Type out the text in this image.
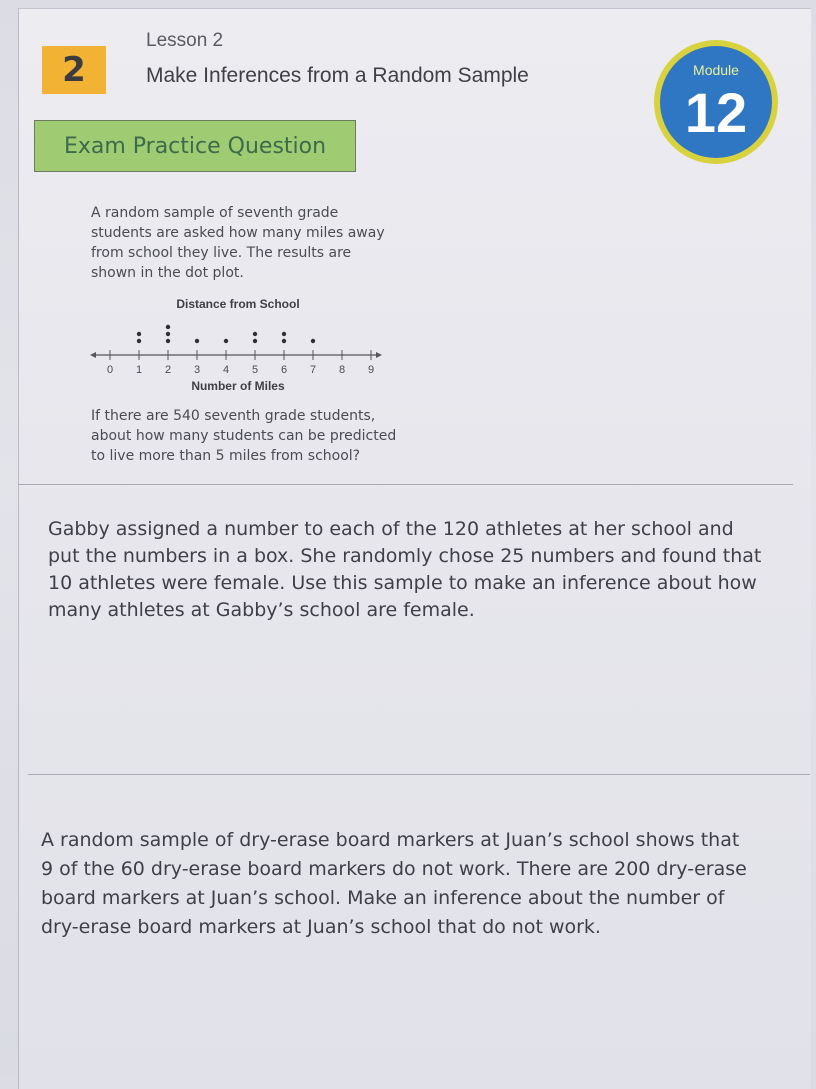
2
Lesson 2
Make Inferences from a Random Sample	Module
12
Exam Practice Question

A random sample of seventh grade

students are asked how many miles away

from school they live. The results are

shown in the dot plot.

Distance from School
0 1 2 3 4 5 6 7 8 9
Number of Miles

If there are 540 seventh grade students,

about how many students can be predicted

to live more than 5 miles from school?

Gabby assigned a number to each of the 120 athletes at her school and

put the numbers in a box. She randomly chose 25 numbers and found that

10 athletes were female. Use this sample to make an inference about how

many athletes at Gabby’s school are female.

A random sample of dry-erase board markers at Juan’s school shows that

9 of the 60 dry-erase board markers do not work. There are 200 dry-erase

board markers at Juan’s school. Make an inference about the number of

dry-erase board markers at Juan’s school that do not work.
